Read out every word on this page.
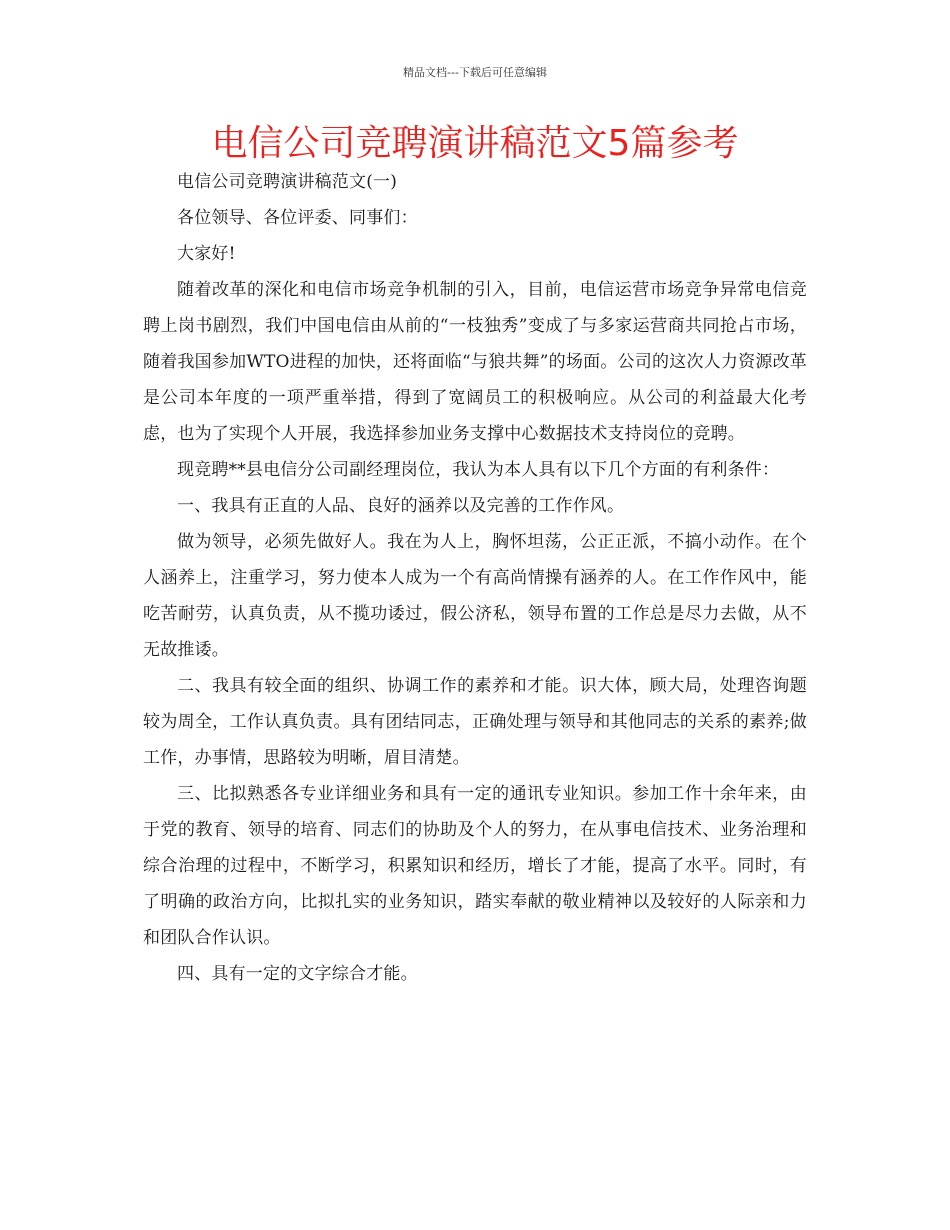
精品文档---下载后可任意编辑
电信公司竞聘演讲稿范文5篇参考

电信公司竞聘演讲稿范文(一)

各位领导、各位评委、同事们：

大家好!

随着改革的深化和电信市场竞争机制的引入，目前，电信运营市场竞争异常电信竞聘上岗书剧烈，我们中国电信由从前的“一枝独秀”变成了与多家运营商共同抢占市场，随着我国参加WTO进程的加快，还将面临“与狼共舞”的场面。公司的这次人力资源改革是公司本年度的一项严重举措，得到了宽阔员工的积极响应。从公司的利益最大化考虑，也为了实现个人开展，我选择参加业务支撑中心数据技术支持岗位的竞聘。

现竞聘**县电信分公司副经理岗位，我认为本人具有以下几个方面的有利条件：

一、我具有正直的人品、良好的涵养以及完善的工作作风。

做为领导，必须先做好人。我在为人上，胸怀坦荡，公正正派，不搞小动作。在个人涵养上，注重学习，努力使本人成为一个有高尚情操有涵养的人。在工作作风中，能吃苦耐劳，认真负责，从不揽功诿过，假公济私，领导布置的工作总是尽力去做，从不无故推诿。

二、我具有较全面的组织、协调工作的素养和才能。识大体，顾大局，处理咨询题较为周全，工作认真负责。具有团结同志，正确处理与领导和其他同志的关系的素养;做工作，办事情，思路较为明晰，眉目清楚。

三、比拟熟悉各专业详细业务和具有一定的通讯专业知识。参加工作十余年来，由于党的教育、领导的培育、同志们的协助及个人的努力，在从事电信技术、业务治理和综合治理的过程中，不断学习，积累知识和经历，增长了才能，提高了水平。同时，有了明确的政治方向，比拟扎实的业务知识，踏实奉献的敬业精神以及较好的人际亲和力和团队合作认识。

四、具有一定的文字综合才能。
